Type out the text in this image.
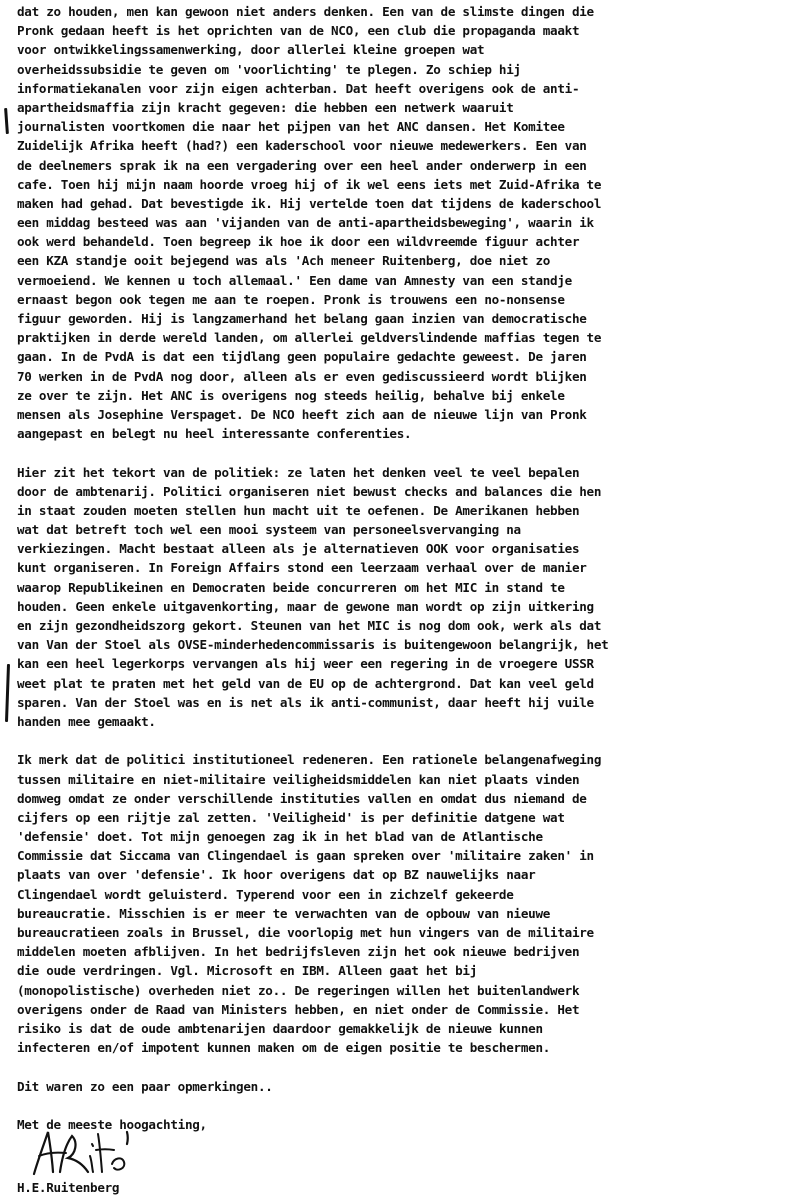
dat zo houden, men kan gewoon niet anders denken. Een van de slimste dingen die
Pronk gedaan heeft is het oprichten van de NCO, een club die propaganda maakt
voor ontwikkelingssamenwerking, door allerlei kleine groepen wat
overheidssubsidie te geven om 'voorlichting' te plegen. Zo schiep hij
informatiekanalen voor zijn eigen achterban. Dat heeft overigens ook de anti-
apartheidsmaffia zijn kracht gegeven: die hebben een netwerk waaruit
journalisten voortkomen die naar het pijpen van het ANC dansen. Het Komitee
Zuidelijk Afrika heeft (had?) een kaderschool voor nieuwe medewerkers. Een van
de deelnemers sprak ik na een vergadering over een heel ander onderwerp in een
cafe. Toen hij mijn naam hoorde vroeg hij of ik wel eens iets met Zuid-Afrika te
maken had gehad. Dat bevestigde ik. Hij vertelde toen dat tijdens de kaderschool
een middag besteed was aan 'vijanden van de anti-apartheidsbeweging', waarin ik
ook werd behandeld. Toen begreep ik hoe ik door een wildvreemde figuur achter
een KZA standje ooit bejegend was als 'Ach meneer Ruitenberg, doe niet zo
vermoeiend. We kennen u toch allemaal.' Een dame van Amnesty van een standje
ernaast begon ook tegen me aan te roepen. Pronk is trouwens een no-nonsense
figuur geworden. Hij is langzamerhand het belang gaan inzien van democratische
praktijken in derde wereld landen, om allerlei geldverslindende maffias tegen te
gaan. In de PvdA is dat een tijdlang geen populaire gedachte geweest. De jaren
70 werken in de PvdA nog door, alleen als er even gediscussieerd wordt blijken
ze over te zijn. Het ANC is overigens nog steeds heilig, behalve bij enkele
mensen als Josephine Verspaget. De NCO heeft zich aan de nieuwe lijn van Pronk
aangepast en belegt nu heel interessante conferenties.
Hier zit het tekort van de politiek: ze laten het denken veel te veel bepalen
door de ambtenarij. Politici organiseren niet bewust checks and balances die hen
in staat zouden moeten stellen hun macht uit te oefenen. De Amerikanen hebben
wat dat betreft toch wel een mooi systeem van personeelsvervanging na
verkiezingen. Macht bestaat alleen als je alternatieven OOK voor organisaties
kunt organiseren. In Foreign Affairs stond een leerzaam verhaal over de manier
waarop Republikeinen en Democraten beide concurreren om het MIC in stand te
houden. Geen enkele uitgavenkorting, maar de gewone man wordt op zijn uitkering
en zijn gezondheidszorg gekort. Steunen van het MIC is nog dom ook, werk als dat
van Van der Stoel als OVSE-minderhedencommissaris is buitengewoon belangrijk, het
kan een heel legerkorps vervangen als hij weer een regering in de vroegere USSR
weet plat te praten met het geld van de EU op de achtergrond. Dat kan veel geld
sparen. Van der Stoel was en is net als ik anti-communist, daar heeft hij vuile
handen mee gemaakt.
Ik merk dat de politici institutioneel redeneren. Een rationele belangenafweging
tussen militaire en niet-militaire veiligheidsmiddelen kan niet plaats vinden
domweg omdat ze onder verschillende instituties vallen en omdat dus niemand de
cijfers op een rijtje zal zetten. 'Veiligheid' is per definitie datgene wat
'defensie' doet. Tot mijn genoegen zag ik in het blad van de Atlantische
Commissie dat Siccama van Clingendael is gaan spreken over 'militaire zaken' in
plaats van over 'defensie'. Ik hoor overigens dat op BZ nauwelijks naar
Clingendael wordt geluisterd. Typerend voor een in zichzelf gekeerde
bureaucratie. Misschien is er meer te verwachten van de opbouw van nieuwe
bureaucratieen zoals in Brussel, die voorlopig met hun vingers van de militaire
middelen moeten afblijven. In het bedrijfsleven zijn het ook nieuwe bedrijven
die oude verdringen. Vgl. Microsoft en IBM. Alleen gaat het bij
(monopolistische) overheden niet zo.. De regeringen willen het buitenlandwerk
overigens onder de Raad van Ministers hebben, en niet onder de Commissie. Het
risiko is dat de oude ambtenarijen daardoor gemakkelijk de nieuwe kunnen
infecteren en/of impotent kunnen maken om de eigen positie te beschermen.
Dit waren zo een paar opmerkingen..
Met de meeste hoogachting,
H.E.Ruitenberg
